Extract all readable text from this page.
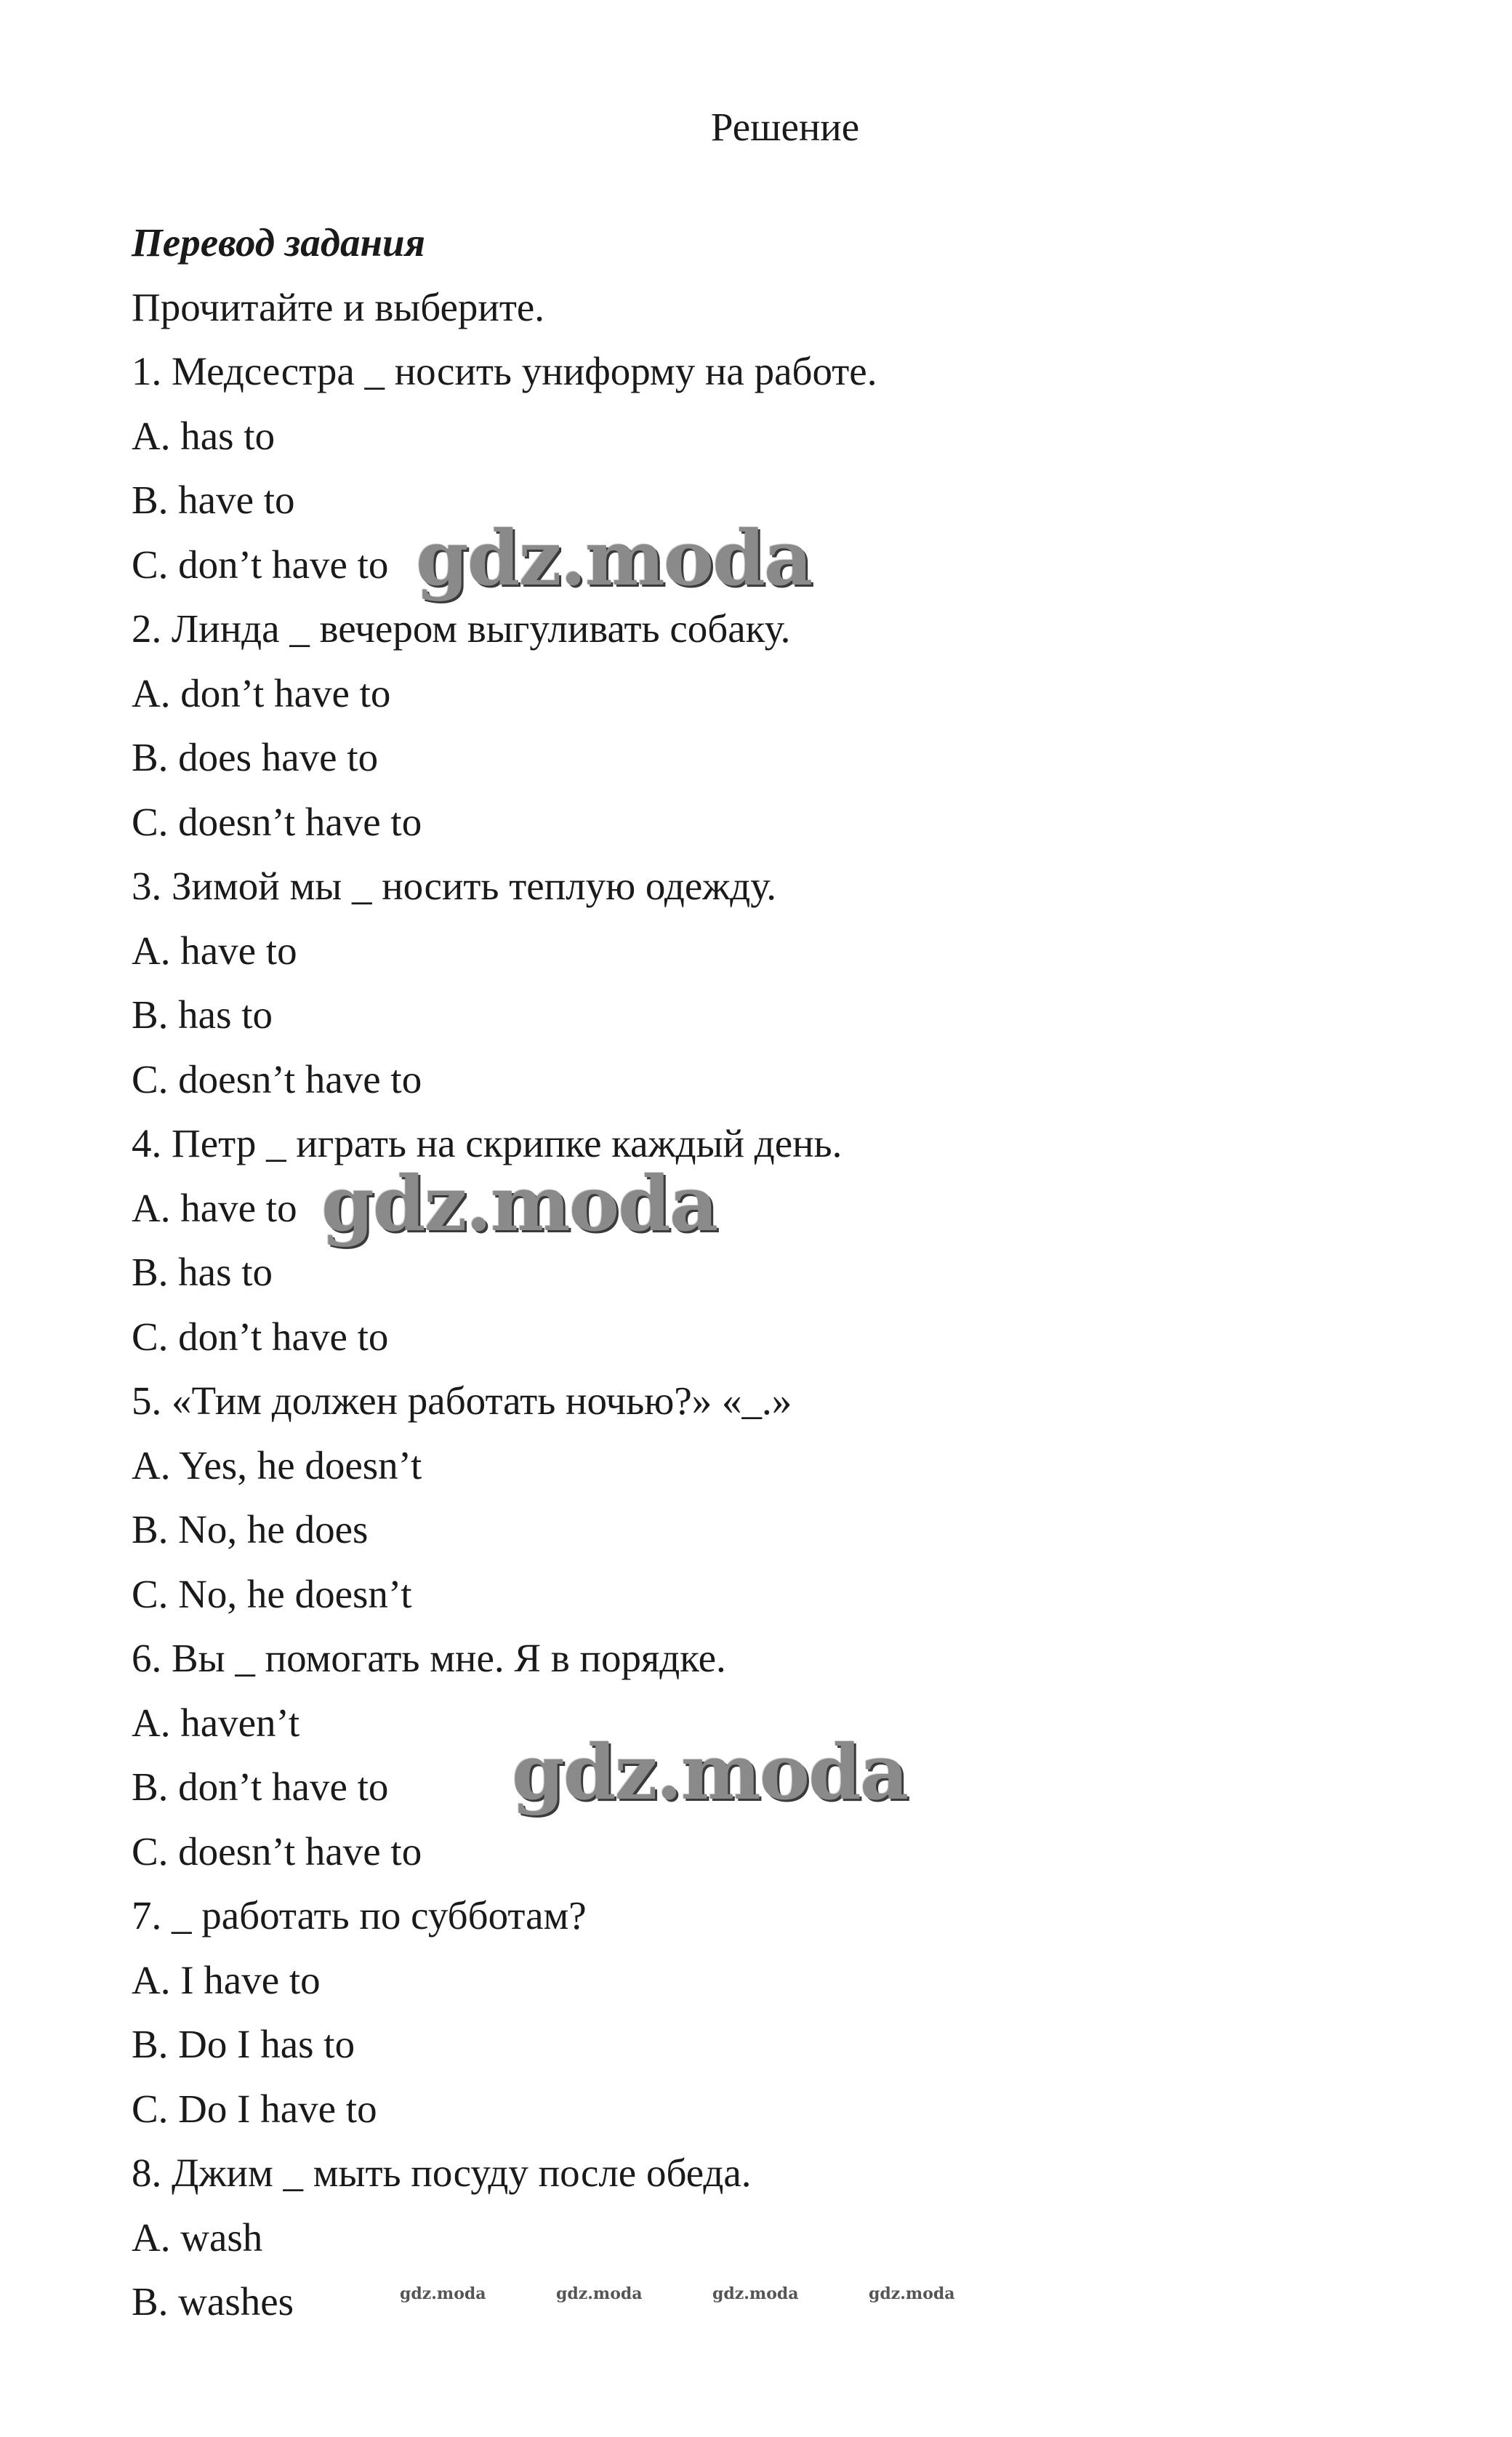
Решение
Перевод задания
Прочитайте и выберите.
1. Медсестра _ носить униформу на работе.
A. has to
B. have to
C. don’t have to
2. Линда _ вечером выгуливать собаку.
A. don’t have to
B. does have to
C. doesn’t have to
3. Зимой мы _ носить теплую одежду.
A. have to
B. has to
C. doesn’t have to
4. Петр _ играть на скрипке каждый день.
A. have to
B. has to
C. don’t have to
5. «Тим должен работать ночью?» «_.»
A. Yes, he doesn’t
B. No, he does
C. No, he doesn’t
6. Вы _ помогать мне. Я в порядке.
A. haven’t
B. don’t have to
C. doesn’t have to
7. _ работать по субботам?
A. I have to
B. Do I has to
C. Do I have to
8. Джим _ мыть посуду после обеда.
A. wash
B. washes
gdz.moda
gdz.moda
gdz.moda
gdz.moda	gdz.moda	gdz.moda	gdz.moda
